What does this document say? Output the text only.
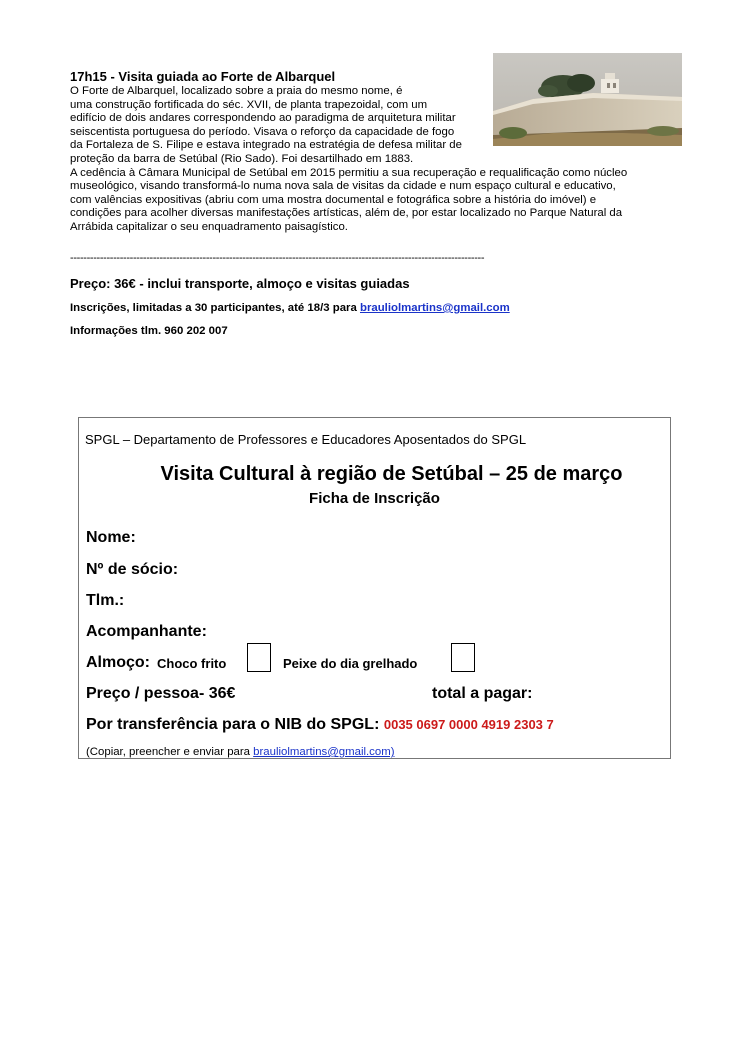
17h15 - Visita guiada ao Forte de Albarquel
O Forte de Albarquel, localizado sobre a praia do mesmo nome, é
uma construção fortificada do séc. XVII, de planta trapezoidal, com um
edifício de dois andares correspondendo ao paradigma de arquitetura militar
seiscentista portuguesa do período. Visava o reforço da capacidade de fogo
da Fortaleza de S. Filipe e estava integrado na estratégia de defesa militar de
proteção da barra de Setúbal (Rio Sado). Foi desartilhado em 1883.
A cedência à Câmara Municipal de Setúbal em 2015 permitiu a sua recuperação e requalificação como núcleo
museológico, visando transformá-lo numa nova sala de visitas da cidade e num espaço cultural e educativo,
com valências expositivas (abriu com uma mostra documental e fotográfica sobre a história do imóvel) e
condições para acolher diversas manifestações artísticas, além de, por estar localizado no Parque Natural da
Arrábida capitalizar o seu enquadramento paisagístico.
-----------------------------------------------------------------------------------------------------------------------------
Preço: 36€ - inclui transporte, almoço e visitas guiadas
Inscrições, limitadas a 30 participantes, até 18/3 para brauliolmartins@gmail.com
Informações tlm. 960 202 007
SPGL – Departamento de Professores e Educadores Aposentados do SPGL
Visita Cultural à região de Setúbal – 25 de março
Ficha de Inscrição
Nome:
Nº de sócio:
Tlm.:
Acompanhante:
Almoço: Choco frito	Peixe do dia grelhado
Preço / pessoa- 36€	total a pagar:
Por transferência para o NIB do SPGL: 0035 0697 0000 4919 2303 7
(Copiar, preencher e enviar para brauliolmartins@gmail.com)
